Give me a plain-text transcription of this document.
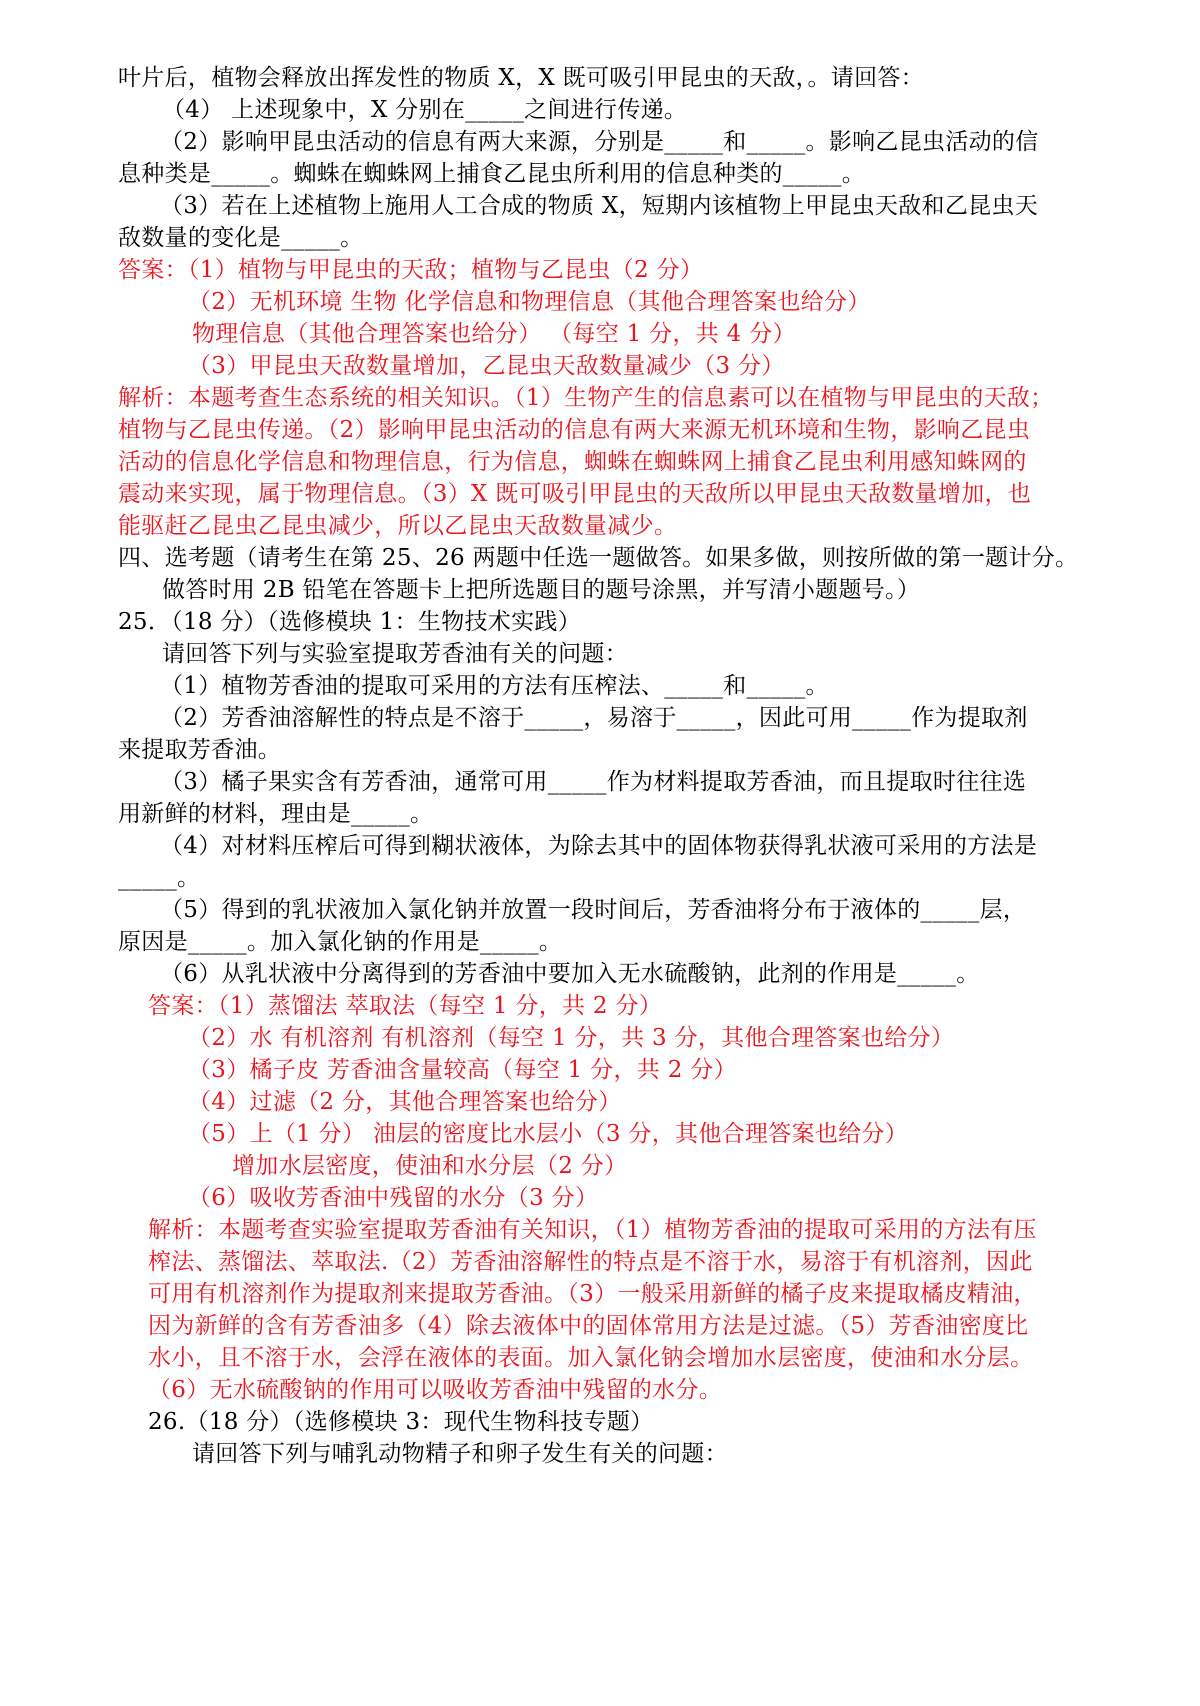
叶片后，植物会释放出挥发性的物质 X，X 既可吸引甲昆虫的天敌，。请回答：
（4） 上述现象中，X 分别在_____之间进行传递。
（2）影响甲昆虫活动的信息有两大来源，分别是_____和_____。影响乙昆虫活动的信
息种类是_____。蜘蛛在蜘蛛网上捕食乙昆虫所利用的信息种类的_____。
（3）若在上述植物上施用人工合成的物质 X，短期内该植物上甲昆虫天敌和乙昆虫天
敌数量的变化是_____。
答案：（1）植物与甲昆虫的天敌；植物与乙昆虫（2 分）
（2）无机环境 生物 化学信息和物理信息（其他合理答案也给分）
物理信息（其他合理答案也给分） （每空 1 分，共 4 分）
（3）甲昆虫天敌数量增加，乙昆虫天敌数量减少（3 分）
解析：本题考查生态系统的相关知识。（1）生物产生的信息素可以在植物与甲昆虫的天敌；
植物与乙昆虫传递。（2）影响甲昆虫活动的信息有两大来源无机环境和生物，影响乙昆虫
活动的信息化学信息和物理信息，行为信息，蜘蛛在蜘蛛网上捕食乙昆虫利用感知蛛网的
震动来实现，属于物理信息。（3）X 既可吸引甲昆虫的天敌所以甲昆虫天敌数量增加，也
能驱赶乙昆虫乙昆虫减少，所以乙昆虫天敌数量减少。
四、选考题（请考生在第 25、26 两题中任选一题做答。如果多做，则按所做的第一题计分。
做答时用 2B 铅笔在答题卡上把所选题目的题号涂黑，并写清小题题号。）
25．（18 分）（选修模块 1：生物技术实践）
请回答下列与实验室提取芳香油有关的问题：
（1）植物芳香油的提取可采用的方法有压榨法、_____和_____。
（2）芳香油溶解性的特点是不溶于_____，易溶于_____，因此可用_____作为提取剂
来提取芳香油。
（3）橘子果实含有芳香油，通常可用_____作为材料提取芳香油，而且提取时往往选
用新鲜的材料，理由是_____。
（4）对材料压榨后可得到糊状液体，为除去其中的固体物获得乳状液可采用的方法是
_____。
（5）得到的乳状液加入氯化钠并放置一段时间后，芳香油将分布于液体的_____层，
原因是_____。加入氯化钠的作用是_____。
（6）从乳状液中分离得到的芳香油中要加入无水硫酸钠，此剂的作用是_____。
答案：（1）蒸馏法 萃取法（每空 1 分，共 2 分）
（2）水 有机溶剂 有机溶剂（每空 1 分，共 3 分，其他合理答案也给分）
（3）橘子皮 芳香油含量较高（每空 1 分，共 2 分）
（4）过滤（2 分，其他合理答案也给分）
（5）上（1 分） 油层的密度比水层小（3 分，其他合理答案也给分）
增加水层密度，使油和水分层（2 分）
（6）吸收芳香油中残留的水分（3 分）
解析：本题考查实验室提取芳香油有关知识，（1）植物芳香油的提取可采用的方法有压
榨法、蒸馏法、萃取法.（2）芳香油溶解性的特点是不溶于水，易溶于有机溶剂，因此
可用有机溶剂作为提取剂来提取芳香油。（3）一般采用新鲜的橘子皮来提取橘皮精油，
因为新鲜的含有芳香油多（4）除去液体中的固体常用方法是过滤。（5）芳香油密度比
水小，且不溶于水，会浮在液体的表面。加入氯化钠会增加水层密度，使油和水分层。
（6）无水硫酸钠的作用可以吸收芳香油中残留的水分。
26.（18 分）（选修模块 3：现代生物科技专题）
请回答下列与哺乳动物精子和卵子发生有关的问题：
